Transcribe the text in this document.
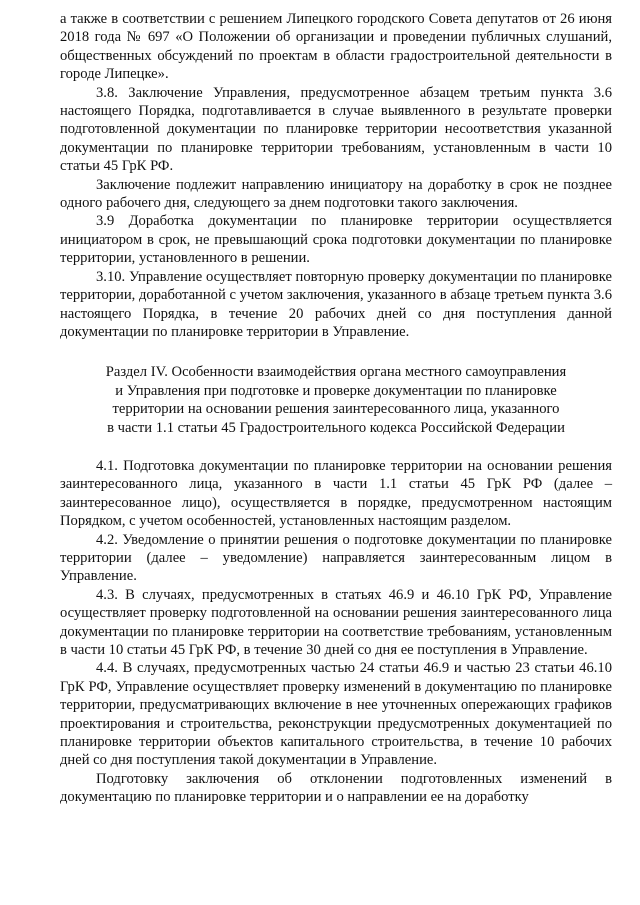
а также в соответствии с решением Липецкого городского Совета депутатов от 26 июня 2018 года № 697 «О Положении об организации и проведении публичных слушаний, общественных обсуждений по проектам в области градостроительной деятельности в городе Липецке».

3.8. Заключение Управления, предусмотренное абзацем третьим пункта 3.6 настоящего Порядка, подготавливается в случае выявленного в результате проверки подготовленной документации по планировке территории несоответствия указанной документации по планировке территории требованиям, установленным в части 10 статьи 45 ГрК РФ.

Заключение подлежит направлению инициатору на доработку в срок не позднее одного рабочего дня, следующего за днем подготовки такого заключения.

3.9 Доработка документации по планировке территории осуществляется инициатором в срок, не превышающий срока подготовки документации по планировке территории, установленного в решении.

3.10. Управление осуществляет повторную проверку документации по планировке территории, доработанной с учетом заключения, указанного в абзаце третьем пункта 3.6 настоящего Порядка, в течение 20 рабочих дней со дня поступления данной документации по планировке территории в Управление.

Раздел IV. Особенности взаимодействия органа местного самоуправления
и Управления при подготовке и проверке документации по планировке
территории на основании решения заинтересованного лица, указанного
в части 1.1 статьи 45 Градостроительного кодекса Российской Федерации

4.1. Подготовка документации по планировке территории на основании решения заинтересованного лица, указанного в части 1.1 статьи 45 ГрК РФ (далее – заинтересованное лицо), осуществляется в порядке, предусмотренном настоящим Порядком, с учетом особенностей, установленных настоящим разделом.

4.2. Уведомление о принятии решения о подготовке документации по планировке территории (далее – уведомление) направляется заинтересованным лицом в Управление.

4.3. В случаях, предусмотренных в статьях 46.9 и 46.10 ГрК РФ, Управление осуществляет проверку подготовленной на основании решения заинтересованного лица документации по планировке территории на соответствие требованиям, установленным в части 10 статьи 45 ГрК РФ, в течение 30 дней со дня ее поступления в Управление.

4.4. В случаях, предусмотренных частью 24 статьи 46.9 и частью 23 статьи 46.10 ГрК РФ, Управление осуществляет проверку изменений в документацию по планировке территории, предусматривающих включение в нее уточненных опережающих графиков проектирования и строительства, реконструкции предусмотренных документацией по планировке территории объектов капитального строительства, в течение 10 рабочих дней со дня поступления такой документации в Управление.

Подготовку заключения об отклонении подготовленных изменений в документацию по планировке территории и о направлении ее на доработку
